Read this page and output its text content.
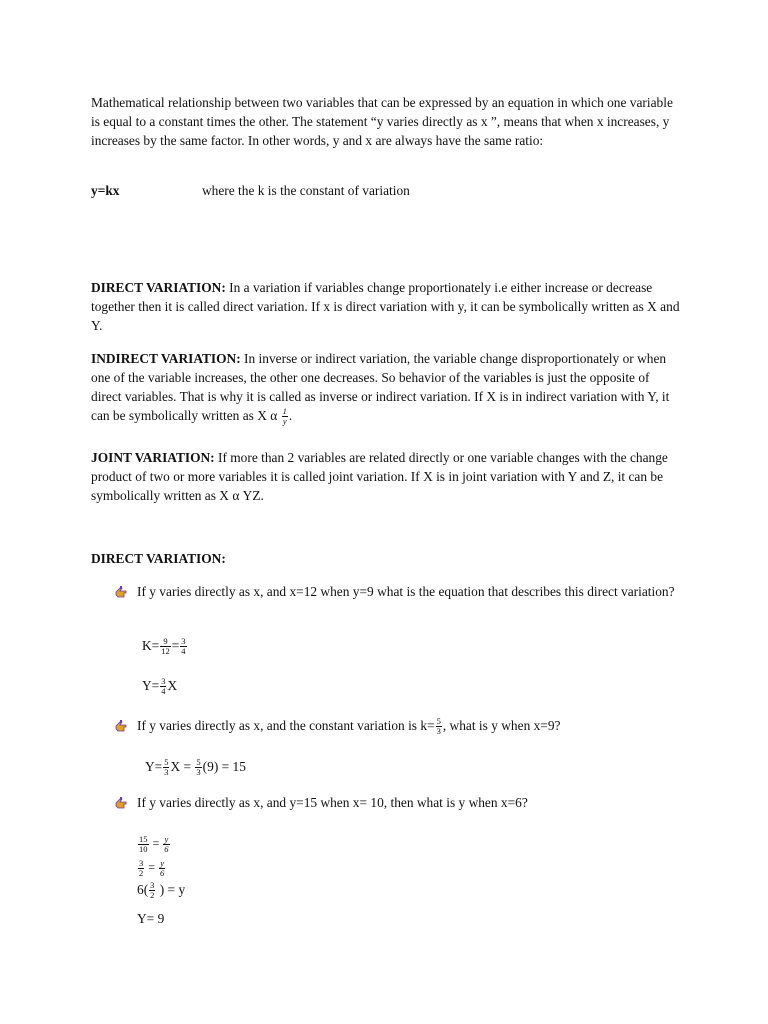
Mathematical relationship between two variables that can be expressed by an equation in which one variable is equal to a constant times the other. The statement “y varies directly as x ”, means that when x increases, y increases by the same factor. In other words, y and x are always have the same ratio:

y=kx	where the k is the constant of variation

DIRECT VARIATION: In a variation if variables change proportionately i.e either increase or decrease together then it is called direct variation. If x is direct variation with y, it can be symbolically written as X and Y.

INDIRECT VARIATION: In inverse or indirect variation, the variable change disproportionately or when one of the variable increases, the other one decreases. So behavior of the variables is just the opposite of direct variables. That is why it is called as inverse or indirect variation. If X is in indirect variation with Y, it can be symbolically written as X α $\frac{1}{y}$ .

JOINT VARIATION: If more than 2 variables are related directly or one variable changes with the change product of two or more variables it is called joint variation. If X is in joint variation with Y and Z, it can be symbolically written as X α YZ.

DIRECT VARIATION:
If y varies directly as x, and x=12 when y=9 what is the equation that describes this direct variation?
$K= \frac{9}{12} = \frac{3}{4}$
$Y= \frac{3}{4}$ X
If y varies directly as x, and the constant variation is $k= \frac{5}{3}$ , what is y when x=9?
$Y= \frac{5}{3}$ $X = \frac{5}{3} (9) = 15$
If y varies directly as x, and y=15 when x= 10, then what is y when x=6?
$\frac{15}{10} = \frac{y}{6}$
$\frac{3}{2} = \frac{y}{6}$
$6( \frac{3}{2}$ ) = y
Y= 9
